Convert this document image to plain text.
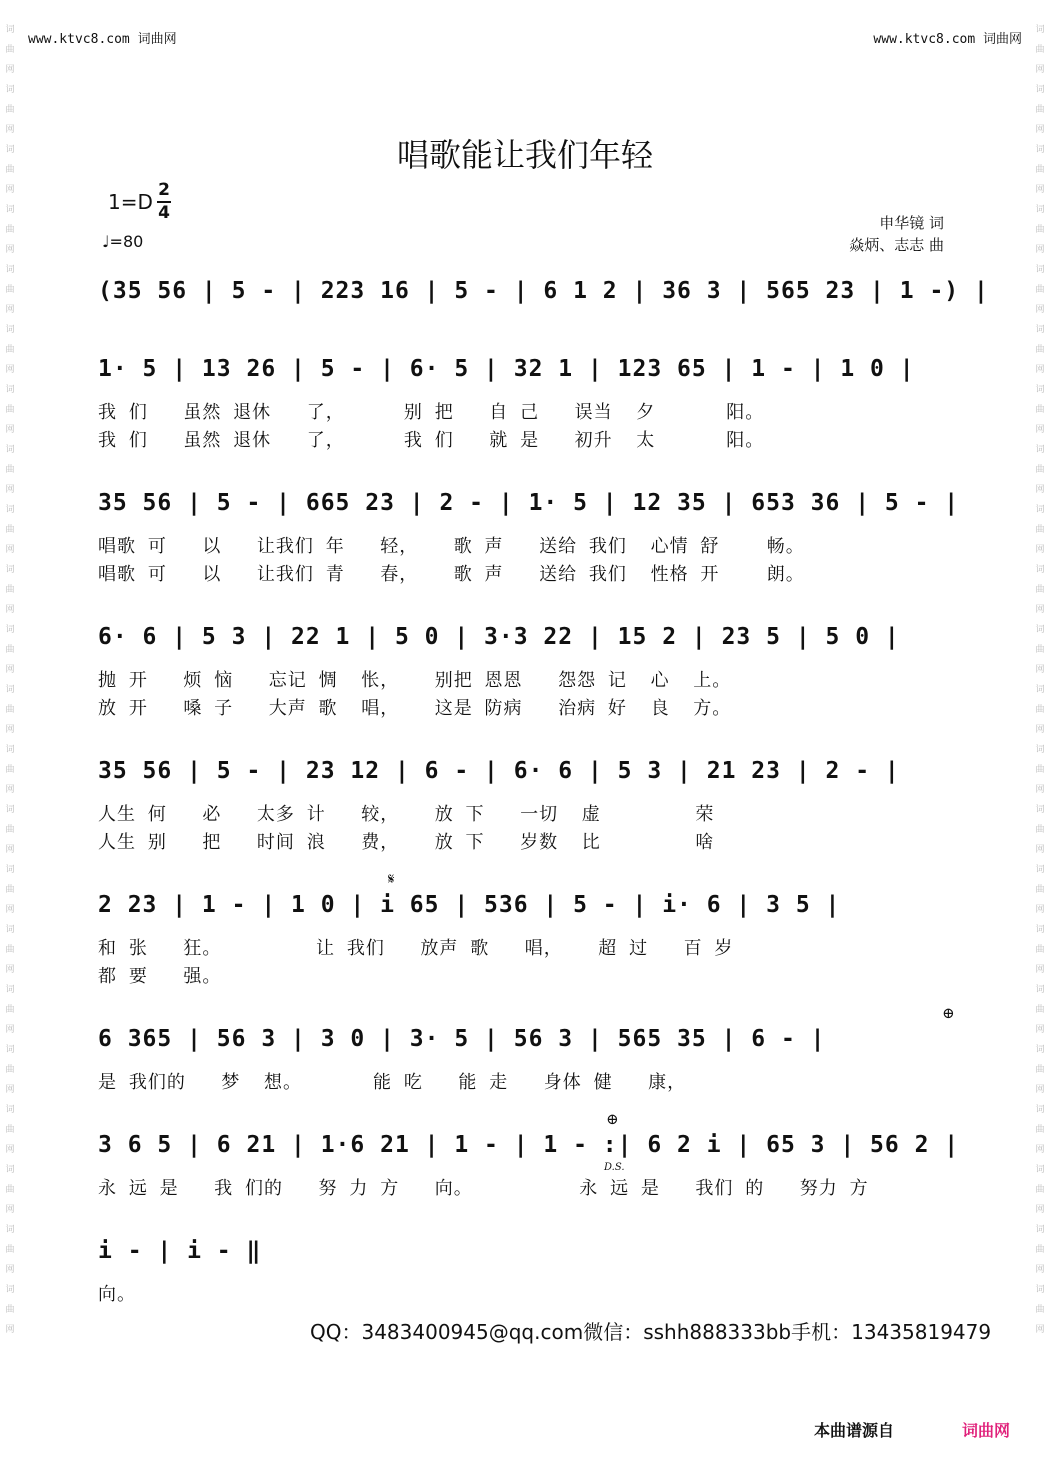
www.ktvc8.com 词曲网	www.ktvc8.com 词曲网
词曲网词曲网词曲网词曲网词曲网词曲网词曲网词曲网词曲网词曲网词曲网词曲网词曲网词曲网词曲网词曲网词曲网词曲网词曲网词曲网词曲网词曲网
词曲网词曲网词曲网词曲网词曲网词曲网词曲网词曲网词曲网词曲网词曲网词曲网词曲网词曲网词曲网词曲网词曲网词曲网词曲网词曲网词曲网词曲网
唱歌能让我们年轻
$1=D \frac{2}{4}$
♩=80
申华镜 词
焱炳、志志 曲
(35 56 | 5 - | 223 16 | 5 - | 6 1 2 | 36 3 | 565 23 | 1 -) |
1· 5 | 13 26 | 5 - | 6· 5 | 32 1 | 123 65 | 1 - | 1 0 |
我 们   虽然 退休   了，     别 把   自 己   误当  夕      阳。
我 们   虽然 退休   了，     我 们   就 是   初升  太      阳。
35 56 | 5 - | 665 23 | 2 - | 1· 5 | 12 35 | 653 36 | 5 - |
唱歌 可   以   让我们 年   轻，   歌 声   送给 我们  心情 舒    畅。
唱歌 可   以   让我们 青   春，   歌 声   送给 我们  性格 开    朗。
6· 6 | 5 3 | 22 1 | 5 0 | 3·3 22 | 15 2 | 23 5 | 5 0 |
抛 开   烦 恼   忘记 惆  怅，   别把 恩恩   怨怨 记  心  上。
放 开   嗓 子   大声 歌  唱，   这是 防病   治病 好  良  方。
35 56 | 5 - | 23 12 | 6 - | 6· 6 | 5 3 | 21 23 | 2 - |
人生 何   必   太多 计   较，   放 下   一切  虚        荣
人生 别   把   时间 浪   费，   放 下   岁数  比        啥
𝄋
2 23 | 1 - | 1 0 | i 65 | 536 | 5 - | i· 6 | 3 5 |
和 张   狂。        让 我们   放声 歌   唱，   超 过   百 岁
都 要   强。
⊕
6 365 | 56 3 | 3 0 | 3· 5 | 56 3 | 565 35 | 6 - |
是 我们的   梦  想。      能 吃   能 走   身体 健   康，
⊕
3 6 5 | 6 21 | 1·6 21 | 1 - | 1 - :| 6 2 i | 65 3 | 56 2 |
D.S.
永 远 是   我 们的   努 力 方   向。         永 远 是   我们 的   努力 方
i - | i - ‖
向。
QQ：3483400945@qq.com微信：sshh888333bb手机：13435819479
本曲谱源自	词曲网
